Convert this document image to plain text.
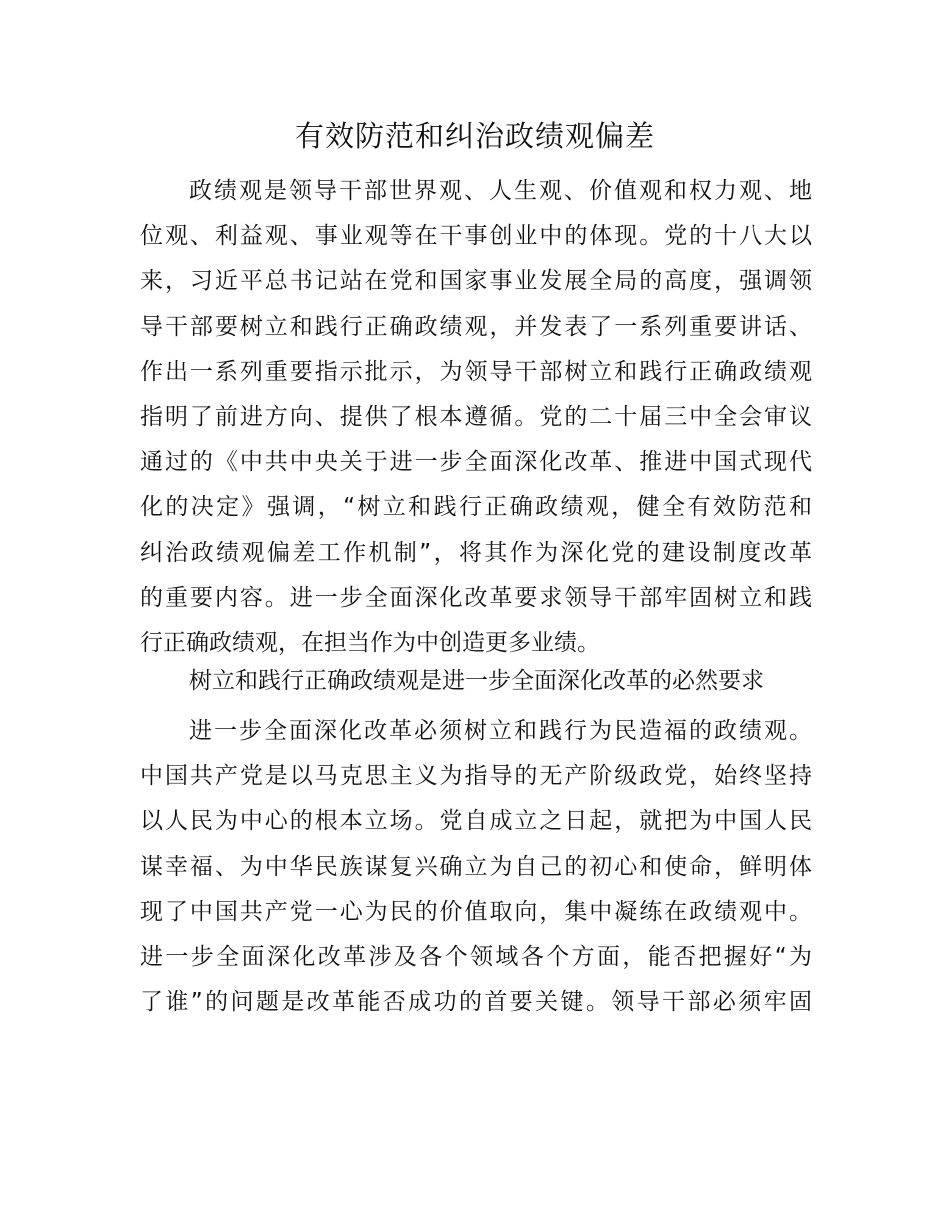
有效防范和纠治政绩观偏差
政绩观是领导干部世界观、人生观、价值观和权力观、地
位观、利益观、事业观等在干事创业中的体现。党的十八大以
来，习近平总书记站在党和国家事业发展全局的高度，强调领
导干部要树立和践行正确政绩观，并发表了一系列重要讲话、
作出一系列重要指示批示，为领导干部树立和践行正确政绩观
指明了前进方向、提供了根本遵循。党的二十届三中全会审议
通过的《中共中央关于进一步全面深化改革、推进中国式现代
化的决定》强调，“树立和践行正确政绩观，健全有效防范和
纠治政绩观偏差工作机制”，将其作为深化党的建设制度改革
的重要内容。进一步全面深化改革要求领导干部牢固树立和践
行正确政绩观，在担当作为中创造更多业绩。
树立和践行正确政绩观是进一步全面深化改革的必然要求
进一步全面深化改革必须树立和践行为民造福的政绩观。
中国共产党是以马克思主义为指导的无产阶级政党，始终坚持
以人民为中心的根本立场。党自成立之日起，就把为中国人民
谋幸福、为中华民族谋复兴确立为自己的初心和使命，鲜明体
现了中国共产党一心为民的价值取向，集中凝练在政绩观中。
进一步全面深化改革涉及各个领域各个方面，能否把握好“为
了谁”的问题是改革能否成功的首要关键。领导干部必须牢固
